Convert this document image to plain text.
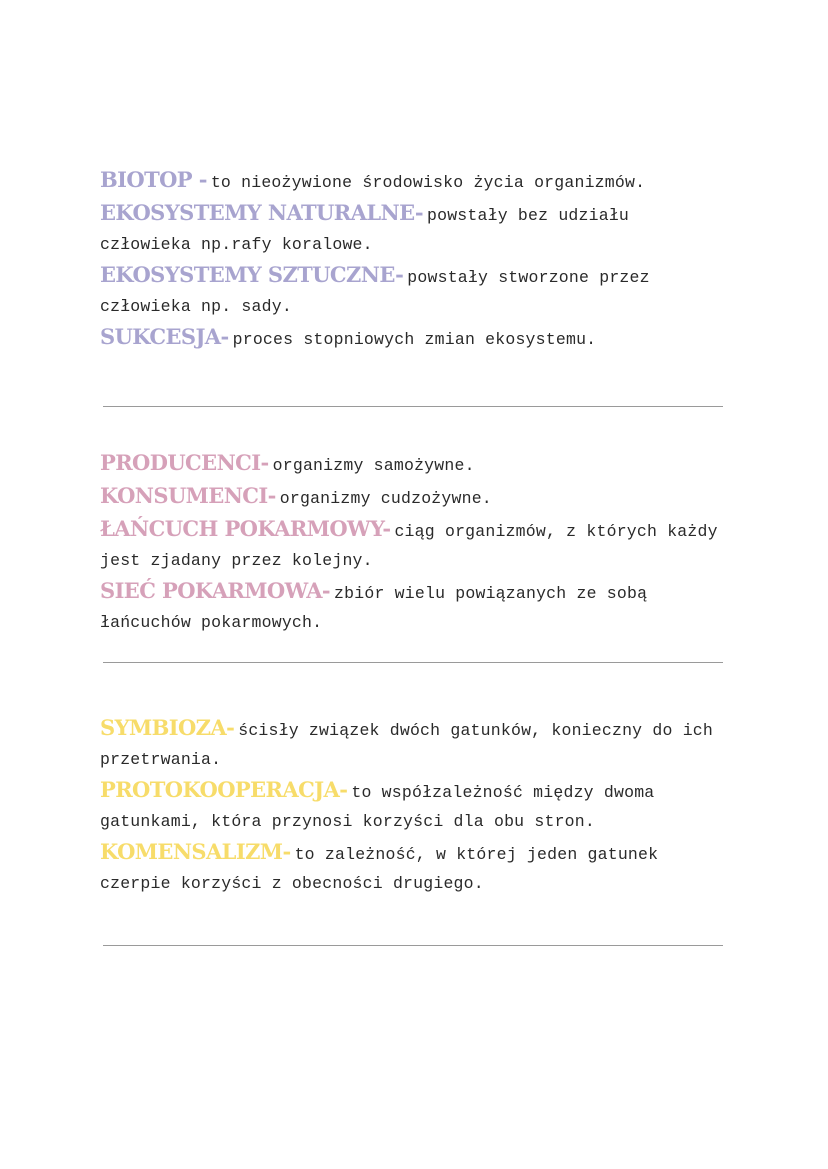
BIOTOP - to nieożywione środowisko życia organizmów.

EKOSYSTEMY NATURALNE- powstały bez udziału człowieka np.rafy koralowe.

EKOSYSTEMY SZTUCZNE- powstały stworzone przez człowieka np. sady.

SUKCESJA- proces stopniowych zmian ekosystemu.

PRODUCENCI- organizmy samożywne.

KONSUMENCI- organizmy cudzożywne.

ŁAŃCUCH POKARMOWY- ciąg organizmów, z których każdy jest zjadany przez kolejny.

SIEĆ POKARMOWA- zbiór wielu powiązanych ze sobą łańcuchów pokarmowych.

SYMBIOZA- ścisły związek dwóch gatunków, konieczny do ich przetrwania.

PROTOKOOPERACJA- to współzależność między dwoma gatunkami, która przynosi korzyści dla obu stron.

KOMENSALIZM- to zależność, w której jeden gatunek czerpie korzyści z obecności drugiego.
